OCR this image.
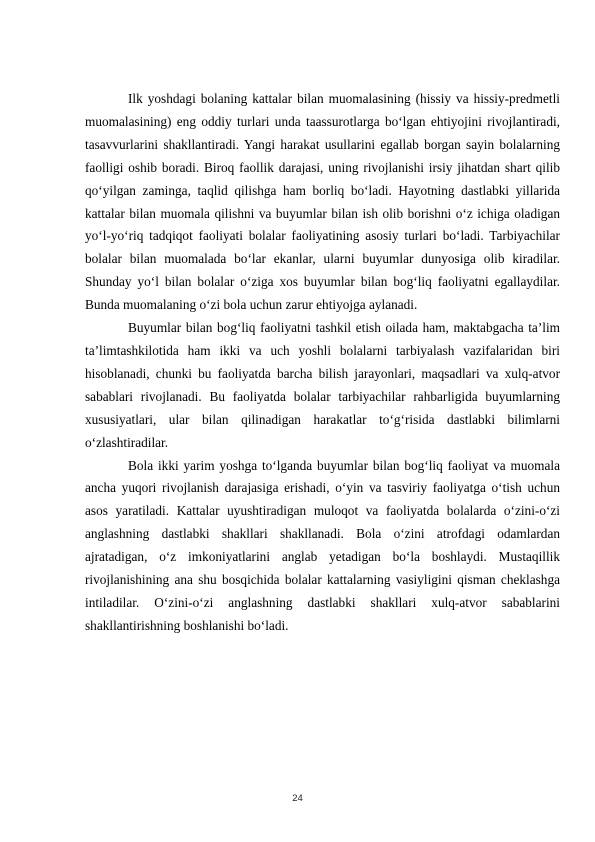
Ilk yoshdagi bolaning kattalar bilan muomalasining (hissiy va hissiy-predmetli muomalasining) eng oddiy turlari unda taassurotlarga bo‘lgan ehtiyojini rivojlantiradi, tasavvurlarini shakllantiradi. Yangi harakat usullarini egallab borgan sayin bolalarning faolligi oshib boradi. Biroq faollik darajasi, uning rivojlanishi irsiy jihatdan shart qilib qo‘yilgan zaminga, taqlid qilishga ham borliq bo‘ladi. Hayotning dastlabki yillarida kattalar bilan muomala qilishni va buyumlar bilan ish olib borishni o‘z ichiga oladigan yo‘l-yo‘riq tadqiqot faoliyati bolalar faoliyatining asosiy turlari bo‘ladi. Tarbiyachilar bolalar bilan muomalada bo‘lar ekanlar, ularni buyumlar dunyosiga olib kiradilar. Shunday yo‘l bilan bolalar o‘ziga xos buyumlar bilan bog‘liq faoliyatni egallaydilar. Bunda muomalaning o‘zi bola uchun zarur ehtiyojga aylanadi.

Buyumlar bilan bog‘liq faoliyatni tashkil etish oilada ham, maktabgacha ta’lim ta’limtashkilotida ham ikki va uch yoshli bolalarni tarbiyalash vazifalaridan biri hisoblanadi, chunki bu faoliyatda barcha bilish jarayonlari, maqsadlari va xulq-atvor sabablari rivojlanadi. Bu faoliyatda bolalar tarbiyachilar rahbarligida buyumlarning xususiyatlari, ular bilan qilinadigan harakatlar to‘g‘risida dastlabki bilimlarni o‘zlashtiradilar.

Bola ikki yarim yoshga to‘lganda buyumlar bilan bog‘liq faoliyat va muomala ancha yuqori rivojlanish darajasiga erishadi, o‘yin va tasviriy faoliyatga o‘tish uchun asos yaratiladi. Kattalar uyushtiradigan muloqot va faoliyatda bolalarda o‘zini-o‘zi anglashning dastlabki shakllari shakllanadi. Bola o‘zini atrofdagi odamlardan ajratadigan, o‘z imkoniyatlarini anglab yetadigan bo‘la boshlaydi. Mustaqillik rivojlanishining ana shu bosqichida bolalar kattalarning vasiyligini qisman cheklashga intiladilar. O‘zini-o‘zi anglashning dastlabki shakllari xulq-atvor sabablarini shakllantirishning boshlanishi bo‘ladi.

24
